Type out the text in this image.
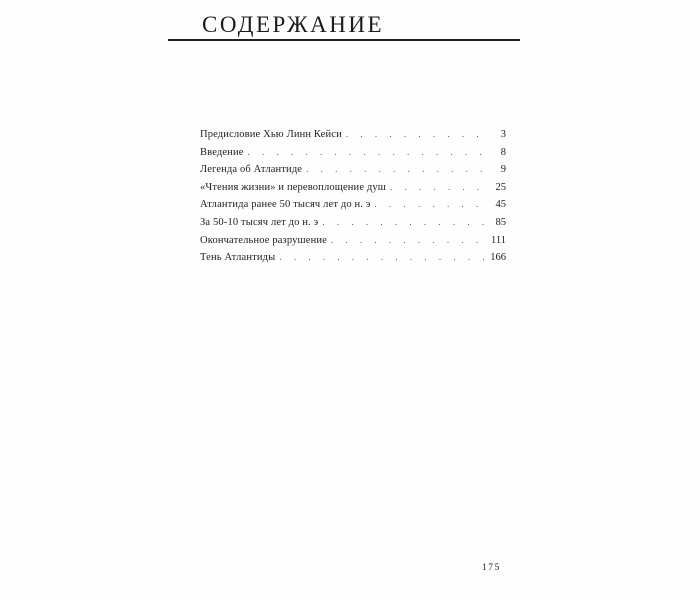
СОДЕРЖАНИЕ
Предисловие Хью Линн Кейси . . .	3
Введение . . .	8
Легенда об Атлантиде . . .	9
«Чтения жизни» и перевоплощение душ . . .	25
Атлантида ранее 50 тысяч лет до н. э . . .	45
За 50-10 тысяч лет до н. э . . .	85
Окончательное разрушение . . .	111
Тень Атлантиды . . .	166
175
